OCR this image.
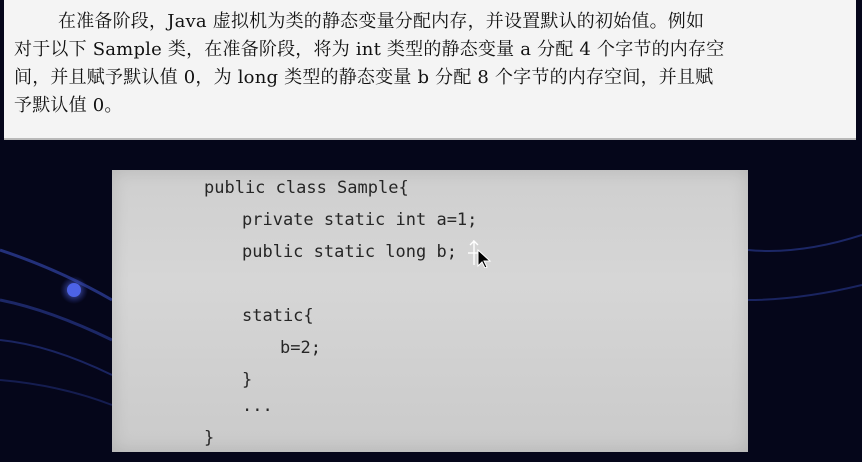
在准备阶段，Java 虚拟机为类的静态变量分配内存，并设置默认的初始值。例如
对于以下 Sample 类，在准备阶段，将为 int 类型的静态变量 a 分配 4 个字节的内存空
间，并且赋予默认值 0，为 long 类型的静态变量 b 分配 8 个字节的内存空间，并且赋
予默认值 0。
public class Sample{
private static int a=1;
public static long b;
static{
b=2;
}
...
}
